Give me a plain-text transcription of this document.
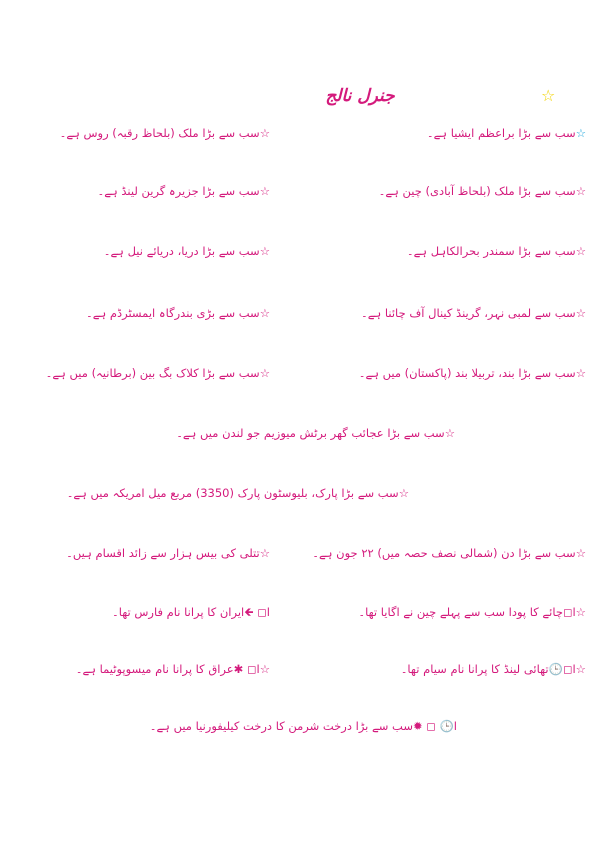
☆
جنرل نالج
☆سب سے بڑا براعظم ایشیا ہے۔
☆سب سے بڑا ملک (بلحاظ رقبہ) روس ہے۔
☆سب سے بڑا ملک (بلحاظ آبادی) چین ہے۔
☆سب سے بڑا جزیرہ گرین لینڈ ہے۔
☆سب سے بڑا سمندر بحرالکاہل ہے۔
☆سب سے بڑا دریا، دریائے نیل ہے۔
☆سب سے لمبی نہر، گرینڈ کینال آف چائنا ہے۔
☆سب سے بڑی بندرگاہ ایمسٹرڈم ہے۔
☆سب سے بڑا بند، تربیلا بند (پاکستان) میں ہے۔
☆سب سے بڑا کلاک بگ بین (برطانیہ) میں ہے۔
☆سب سے بڑا عجائب گھر برٹش میوزیم جو لندن میں ہے۔
☆سب سے بڑا پارک، بلیوسٹون پارک (3350) مربع میل امریکہ میں ہے۔
☆سب سے بڑا دن (شمالی نصف حصہ میں) ۲۲ جون ہے۔
☆تتلی کی بیس ہزار سے زائد اقسام ہیں۔
☆ا◻چائے کا پودا سب سے پہلے چین نے اگایا تھا۔
ا◻ 🡸ایران کا پرانا نام فارس تھا۔
☆ا◻🕒تھائی لینڈ کا پرانا نام سیام تھا۔
☆ا◻ ✱عراق کا پرانا نام میسوپوٹیما ہے۔
ا🕒 ◻ ✹سب سے بڑا درخت شرمن کا درخت کیلیفورنیا میں ہے۔
